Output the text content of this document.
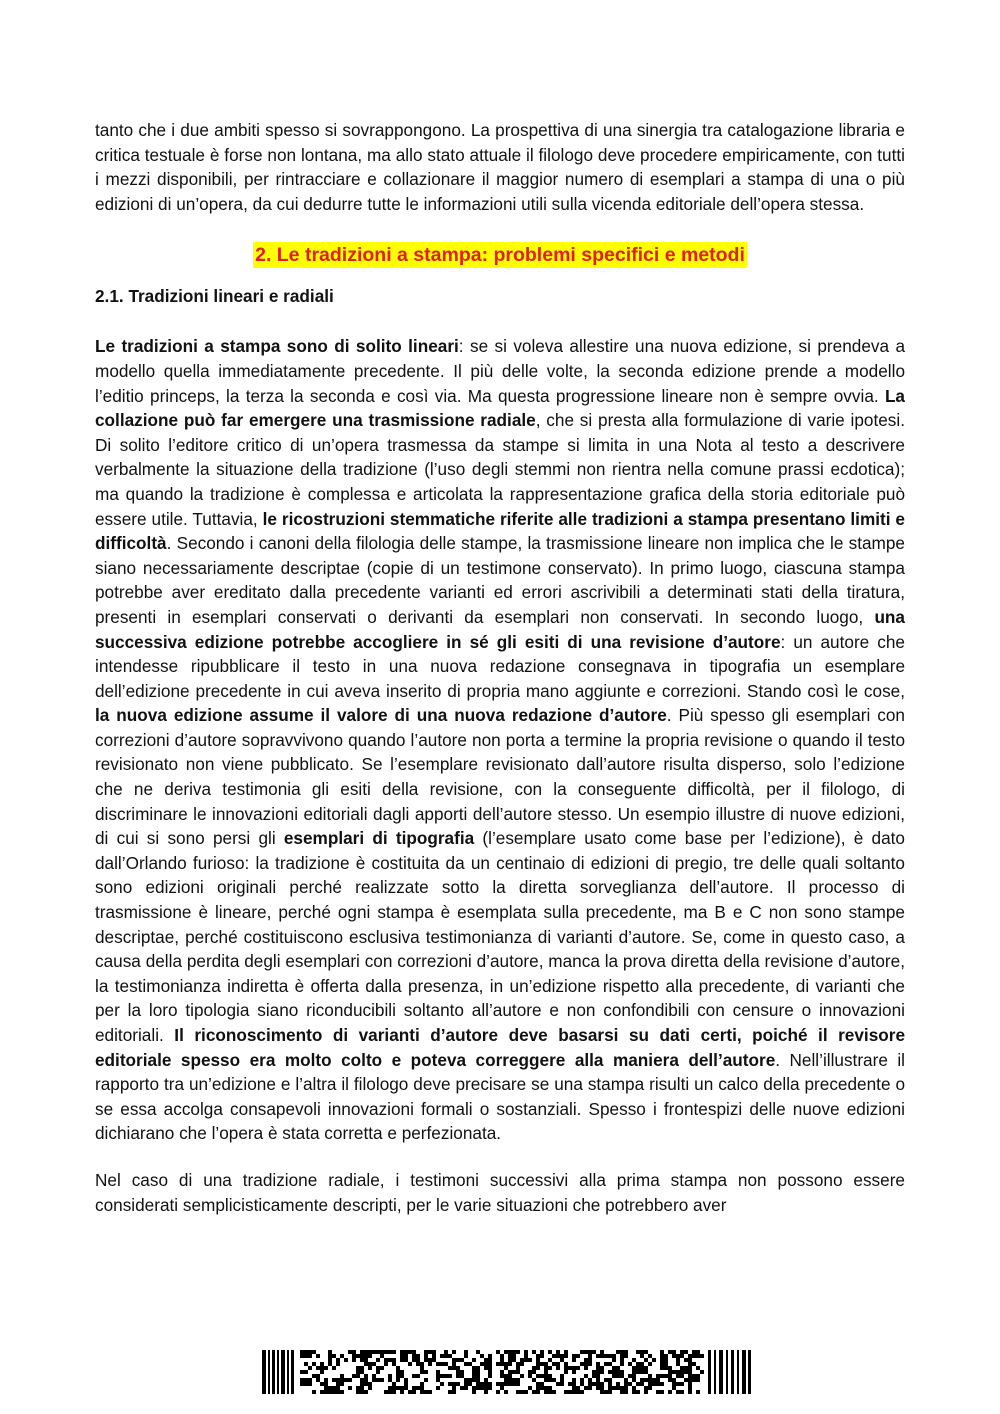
tanto che i due ambiti spesso si sovrappongono. La prospettiva di una sinergia tra catalogazione libraria e critica testuale è forse non lontana, ma allo stato attuale il filologo deve procedere empiricamente, con tutti i mezzi disponibili, per rintracciare e collazionare il maggior numero di esemplari a stampa di una o più edizioni di un’opera, da cui dedurre tutte le informazioni utili sulla vicenda editoriale dell’opera stessa.

2. Le tradizioni a stampa: problemi specifici e metodi
2.1. Tradizioni lineari e radiali

Le tradizioni a stampa sono di solito lineari: se si voleva allestire una nuova edizione, si prendeva a modello quella immediatamente precedente. Il più delle volte, la seconda edizione prende a modello l’editio princeps, la terza la seconda e così via. Ma questa progressione lineare non è sempre ovvia. La collazione può far emergere una trasmissione radiale, che si presta alla formulazione di varie ipotesi. Di solito l’editore critico di un’opera trasmessa da stampe si limita in una Nota al testo a descrivere verbalmente la situazione della tradizione (l’uso degli stemmi non rientra nella comune prassi ecdotica); ma quando la tradizione è complessa e articolata la rappresentazione grafica della storia editoriale può essere utile. Tuttavia, le ricostruzioni stemmatiche riferite alle tradizioni a stampa presentano limiti e difficoltà. Secondo i canoni della filologia delle stampe, la trasmissione lineare non implica che le stampe siano necessariamente descriptae (copie di un testimone conservato). In primo luogo, ciascuna stampa potrebbe aver ereditato dalla precedente varianti ed errori ascrivibili a determinati stati della tiratura, presenti in esemplari conservati o derivanti da esemplari non conservati. In secondo luogo, una successiva edizione potrebbe accogliere in sé gli esiti di una revisione d’autore: un autore che intendesse ripubblicare il testo in una nuova redazione consegnava in tipografia un esemplare dell’edizione precedente in cui aveva inserito di propria mano aggiunte e correzioni. Stando così le cose, la nuova edizione assume il valore di una nuova redazione d’autore. Più spesso gli esemplari con correzioni d’autore sopravvivono quando l’autore non porta a termine la propria revisione o quando il testo revisionato non viene pubblicato. Se l’esemplare revisionato dall’autore risulta disperso, solo l’edizione che ne deriva testimonia gli esiti della revisione, con la conseguente difficoltà, per il filologo, di discriminare le innovazioni editoriali dagli apporti dell’autore stesso. Un esempio illustre di nuove edizioni, di cui si sono persi gli esemplari di tipografia (l’esemplare usato come base per l’edizione), è dato dall’Orlando furioso: la tradizione è costituita da un centinaio di edizioni di pregio, tre delle quali soltanto sono edizioni originali perché realizzate sotto la diretta sorveglianza dell’autore. Il processo di trasmissione è lineare, perché ogni stampa è esemplata sulla precedente, ma B e C non sono stampe descriptae, perché costituiscono esclusiva testimonianza di varianti d’autore. Se, come in questo caso, a causa della perdita degli esemplari con correzioni d’autore, manca la prova diretta della revisione d’autore, la testimonianza indiretta è offerta dalla presenza, in un’edizione rispetto alla precedente, di varianti che per la loro tipologia siano riconducibili soltanto all’autore e non confondibili con censure o innovazioni editoriali. Il riconoscimento di varianti d’autore deve basarsi su dati certi, poiché il revisore editoriale spesso era molto colto e poteva correggere alla maniera dell’autore. Nell’illustrare il rapporto tra un’edizione e l’altra il filologo deve precisare se una stampa risulti un calco della precedente o se essa accolga consapevoli innovazioni formali o sostanziali. Spesso i frontespizi delle nuove edizioni dichiarano che l’opera è stata corretta e perfezionata.

Nel caso di una tradizione radiale, i testimoni successivi alla prima stampa non possono essere considerati semplicisticamente descripti, per le varie situazioni che potrebbero aver
